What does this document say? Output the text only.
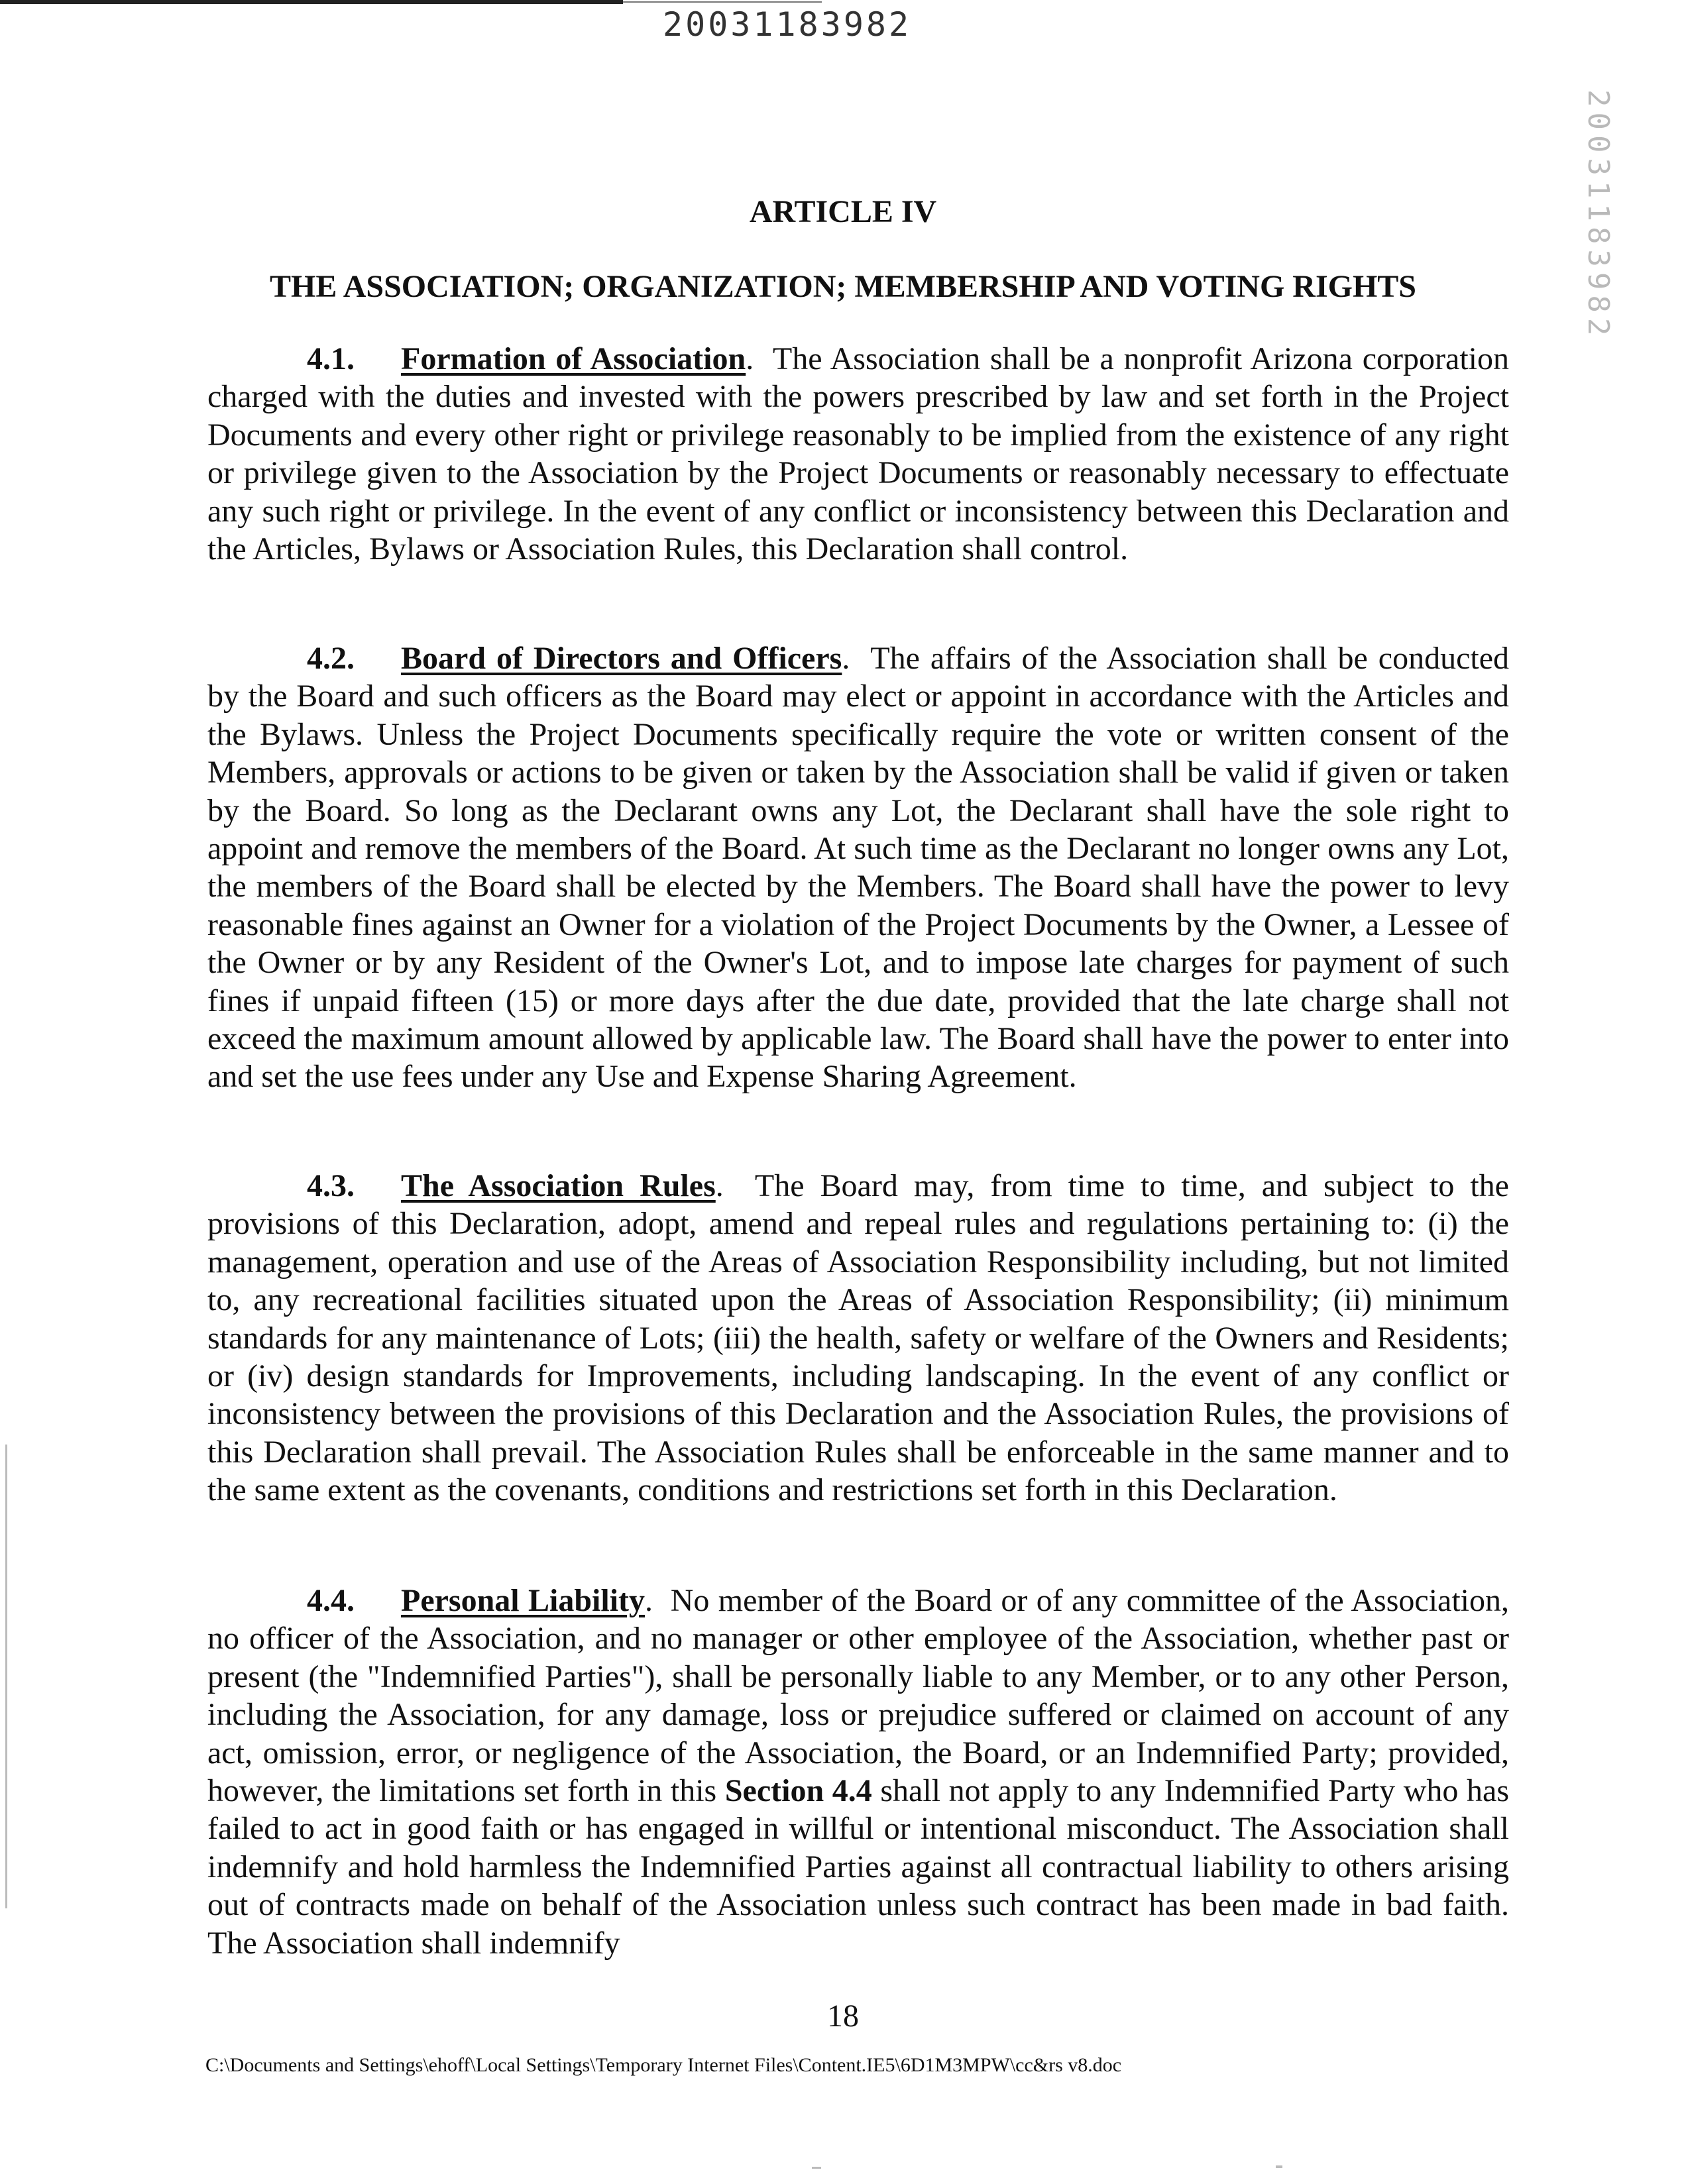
20031183982
20031183982
ARTICLE IV
THE ASSOCIATION; ORGANIZATION; MEMBERSHIP AND VOTING RIGHTS

4.1. Formation of Association.  The Association shall be a nonprofit Arizona corporation charged with the duties and invested with the powers prescribed by law and set forth in the Project Documents and every other right or privilege reasonably to be implied from the existence of any right or privilege given to the Association by the Project Documents or reasonably necessary to effectuate any such right or privilege. In the event of any conflict or inconsistency between this Declaration and the Articles, Bylaws or Association Rules, this Declaration shall control.

4.2. Board of Directors and Officers.  The affairs of the Association shall be conducted by the Board and such officers as the Board may elect or appoint in accordance with the Articles and the Bylaws. Unless the Project Documents specifically require the vote or written consent of the Members, approvals or actions to be given or taken by the Association shall be valid if given or taken by the Board. So long as the Declarant owns any Lot, the Declarant shall have the sole right to appoint and remove the members of the Board. At such time as the Declarant no longer owns any Lot, the members of the Board shall be elected by the Members. The Board shall have the power to levy reasonable fines against an Owner for a violation of the Project Documents by the Owner, a Lessee of the Owner or by any Resident of the Owner's Lot, and to impose late charges for payment of such fines if unpaid fifteen (15) or more days after the due date, provided that the late charge shall not exceed the maximum amount allowed by applicable law. The Board shall have the power to enter into and set the use fees under any Use and Expense Sharing Agreement.

4.3. The Association Rules.  The Board may, from time to time, and subject to the provisions of this Declaration, adopt, amend and repeal rules and regulations pertaining to: (i) the management, operation and use of the Areas of Association Responsibility including, but not limited to, any recreational facilities situated upon the Areas of Association Responsibility; (ii) minimum standards for any maintenance of Lots; (iii) the health, safety or welfare of the Owners and Residents; or (iv) design standards for Improvements, including landscaping. In the event of any conflict or inconsistency between the provisions of this Declaration and the Association Rules, the provisions of this Declaration shall prevail. The Association Rules shall be enforceable in the same manner and to the same extent as the covenants, conditions and restrictions set forth in this Declaration.

4.4. Personal Liability.  No member of the Board or of any committee of the Association, no officer of the Association, and no manager or other employee of the Association, whether past or present (the "Indemnified Parties"), shall be personally liable to any Member, or to any other Person, including the Association, for any damage, loss or prejudice suffered or claimed on account of any act, omission, error, or negligence of the Association, the Board, or an Indemnified Party; provided, however, the limitations set forth in this Section 4.4 shall not apply to any Indemnified Party who has failed to act in good faith or has engaged in willful or intentional misconduct. The Association shall indemnify and hold harmless the Indemnified Parties against all contractual liability to others arising out of contracts made on behalf of the Association unless such contract has been made in bad faith. The Association shall indemnify

18
C:\Documents and Settings\ehoff\Local Settings\Temporary Internet Files\Content.IE5\6D1M3MPW\cc&rs v8.doc
